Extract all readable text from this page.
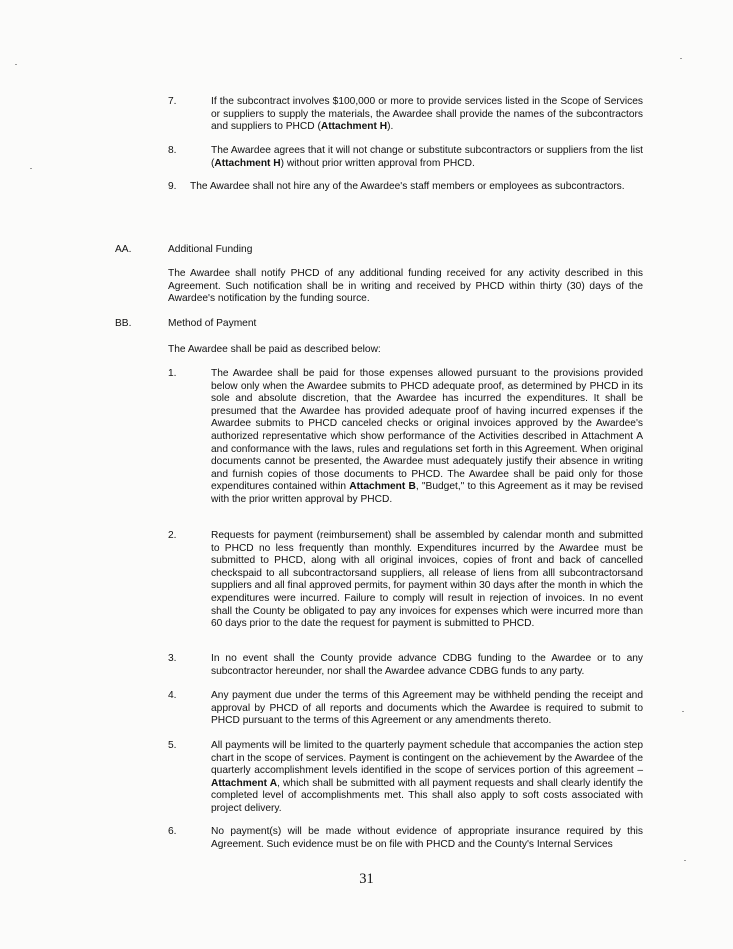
7.	If the subcontract involves $100,000 or more to provide services listed in the Scope of Services or suppliers to supply the materials, the Awardee shall provide the names of the subcontractors and suppliers to PHCD (Attachment H).
8.	The Awardee agrees that it will not change or substitute subcontractors or suppliers from the list (Attachment H) without prior written approval from PHCD.
9. The Awardee shall not hire any of the Awardee's staff members or employees as subcontractors.
AA.	Additional Funding
The Awardee shall notify PHCD of any additional funding received for any activity described in this Agreement. Such notification shall be in writing and received by PHCD within thirty (30) days of the Awardee's notification by the funding source.
BB.	Method of Payment
The Awardee shall be paid as described below:
1.	The Awardee shall be paid for those expenses allowed pursuant to the provisions provided below only when the Awardee submits to PHCD adequate proof, as determined by PHCD in its sole and absolute discretion, that the Awardee has incurred the expenditures. It shall be presumed that the Awardee has provided adequate proof of having incurred expenses if the Awardee submits to PHCD canceled checks or original invoices approved by the Awardee's authorized representative which show performance of the Activities described in Attachment A and conformance with the laws, rules and regulations set forth in this Agreement. When original documents cannot be presented, the Awardee must adequately justify their absence in writing and furnish copies of those documents to PHCD. The Awardee shall be paid only for those expenditures contained within Attachment B, "Budget," to this Agreement as it may be revised with the prior written approval by PHCD.
2.	Requests for payment (reimbursement) shall be assembled by calendar month and submitted to PHCD no less frequently than monthly. Expenditures incurred by the Awardee must be submitted to PHCD, along with all original invoices, copies of front and back of cancelled checkspaid to all subcontractorsand suppliers, all release of liens from alll subcontractorsand suppliers and all final approved permits, for payment within 30 days after the month in which the expenditures were incurred. Failure to comply will result in rejection of invoices. In no event shall the County be obligated to pay any invoices for expenses which were incurred more than 60 days prior to the date the request for payment is submitted to PHCD.
3.	In no event shall the County provide advance CDBG funding to the Awardee or to any subcontractor hereunder, nor shall the Awardee advance CDBG funds to any party.
4.	Any payment due under the terms of this Agreement may be withheld pending the receipt and approval by PHCD of all reports and documents which the Awardee is required to submit to PHCD pursuant to the terms of this Agreement or any amendments thereto.
5.	All payments will be limited to the quarterly payment schedule that accompanies the action step chart in the scope of services. Payment is contingent on the achievement by the Awardee of the quarterly accomplishment levels identified in the scope of services portion of this agreement – Attachment A, which shall be submitted with all payment requests and shall clearly identify the completed level of accomplishments met. This shall also apply to soft costs associated with project delivery.
6.	No payment(s) will be made without evidence of appropriate insurance required by this Agreement. Such evidence must be on file with PHCD and the County's Internal Services
31
